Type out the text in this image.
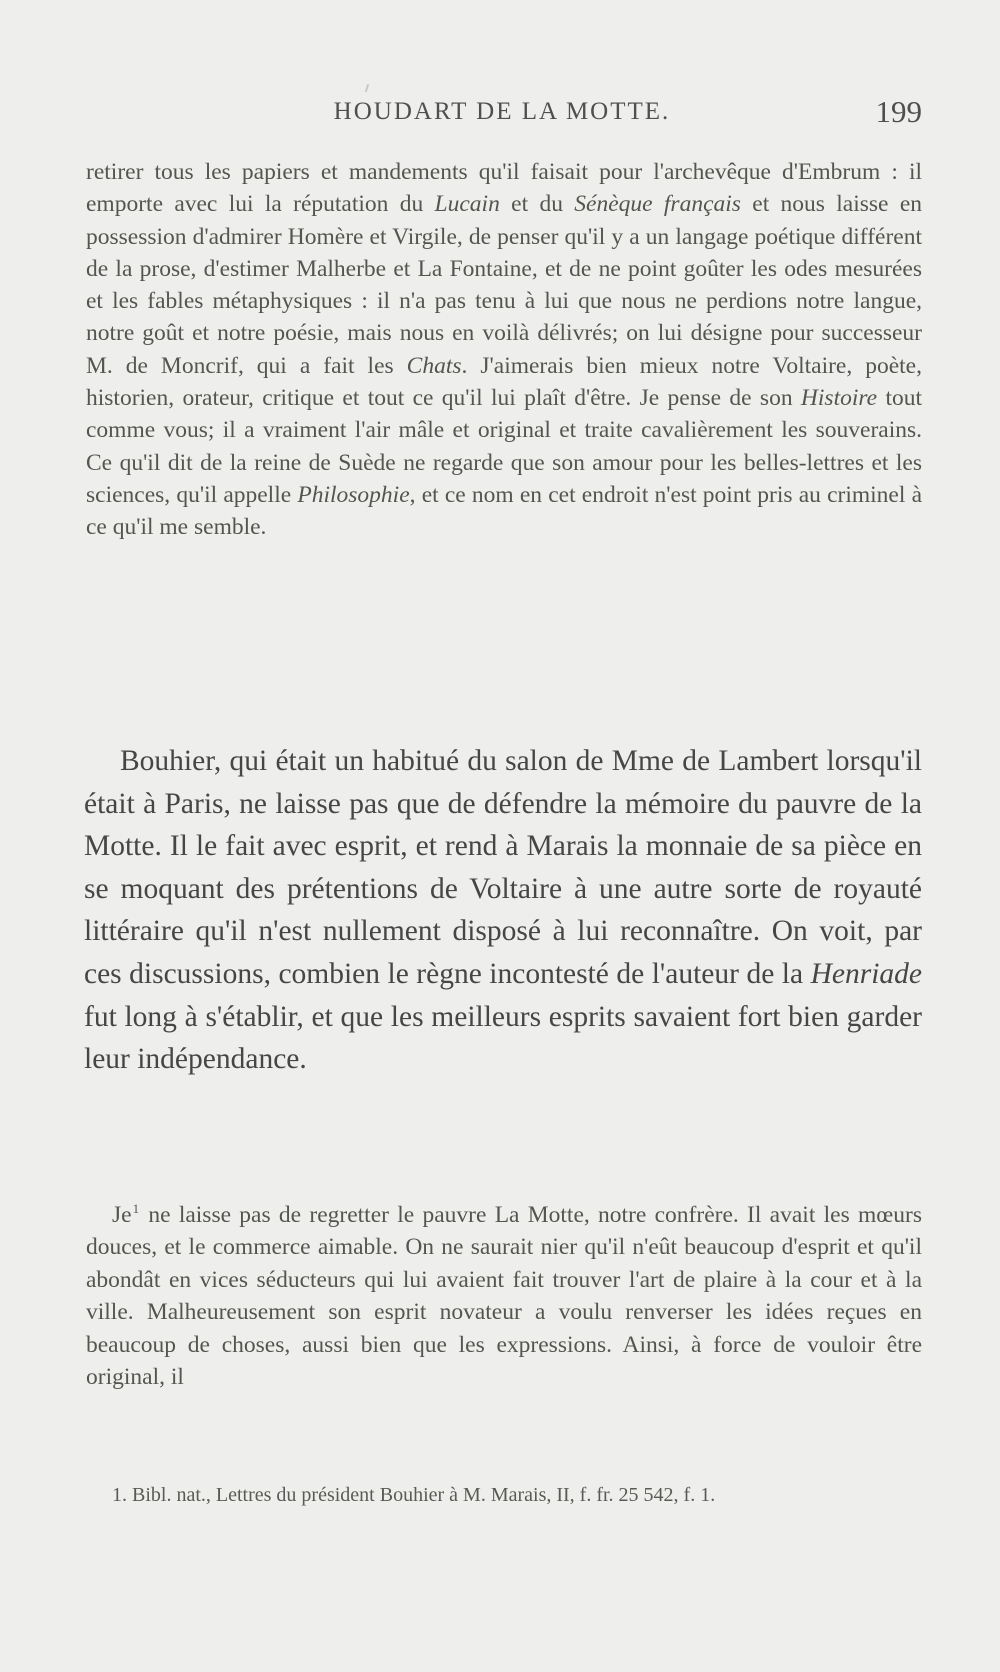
HOUDART DE LA MOTTE.	199

retirer tous les papiers et mandements qu'il faisait pour l'archevêque d'Embrum : il emporte avec lui la réputation du Lucain et du Sénèque français et nous laisse en possession d'admirer Homère et Virgile, de penser qu'il y a un langage poétique différent de la prose, d'estimer Malherbe et La Fontaine, et de ne point goûter les odes mesurées et les fables métaphysiques : il n'a pas tenu à lui que nous ne perdions notre langue, notre goût et notre poésie, mais nous en voilà délivrés; on lui désigne pour successeur M. de Moncrif, qui a fait les Chats. J'aimerais bien mieux notre Voltaire, poète, historien, orateur, critique et tout ce qu'il lui plaît d'être. Je pense de son Histoire tout comme vous; il a vraiment l'air mâle et original et traite cavalièrement les souverains. Ce qu'il dit de la reine de Suède ne regarde que son amour pour les belles-lettres et les sciences, qu'il appelle Philosophie, et ce nom en cet endroit n'est point pris au criminel à ce qu'il me semble.

Bouhier, qui était un habitué du salon de Mme de Lambert lorsqu'il était à Paris, ne laisse pas que de défendre la mémoire du pauvre de la Motte. Il le fait avec esprit, et rend à Marais la monnaie de sa pièce en se moquant des prétentions de Voltaire à une autre sorte de royauté littéraire qu'il n'est nullement disposé à lui reconnaître. On voit, par ces discussions, combien le règne incontesté de l'auteur de la Henriade fut long à s'établir, et que les meilleurs esprits savaient fort bien garder leur indépendance.

Je$^1$ ne laisse pas de regretter le pauvre La Motte, notre confrère. Il avait les mœurs douces, et le commerce aimable. On ne saurait nier qu'il n'eût beaucoup d'esprit et qu'il abondât en vices séducteurs qui lui avaient fait trouver l'art de plaire à la cour et à la ville. Malheureusement son esprit novateur a voulu renverser les idées reçues en beaucoup de choses, aussi bien que les expressions. Ainsi, à force de vouloir être original, il

1. Bibl. nat., Lettres du président Bouhier à M. Marais, II, f. fr. 25 542, f. 1.
